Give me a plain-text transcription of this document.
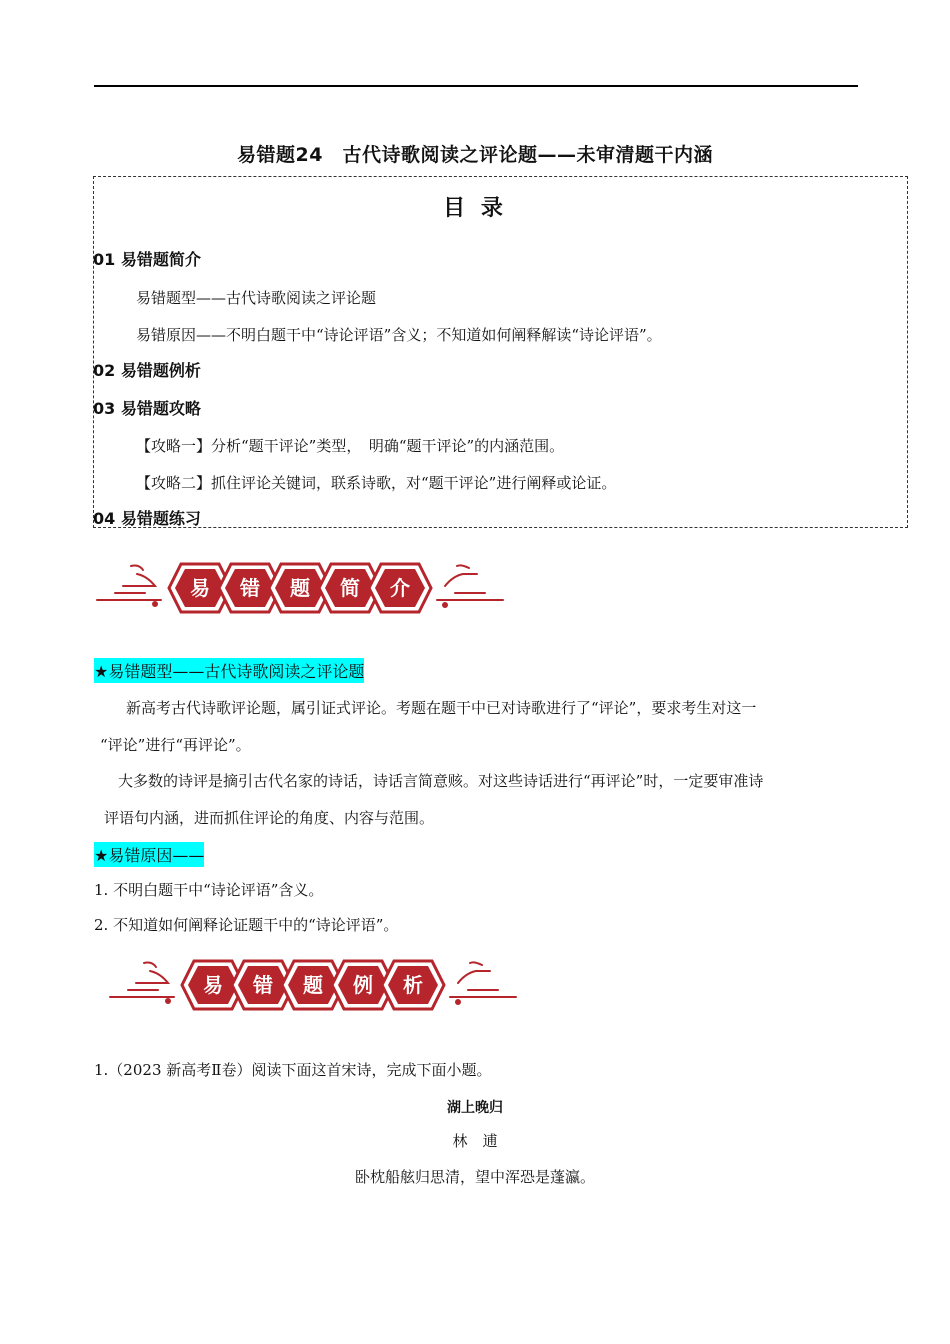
易错题24　古代诗歌阅读之评论题——未审清题干内涵
目 录
01 易错题简介
易错题型——古代诗歌阅读之评论题
易错原因——不明白题干中“诗论评语”含义；不知道如何阐释解读“诗论评语”。
02 易错题例析
03 易错题攻略
【攻略一】分析“题干评论”类型，　明确“题干评论”的内涵范围。
【攻略二】抓住评论关键词，联系诗歌，对“题干评论”进行阐释或论证。
04 易错题练习
易 错 题 简 介
★易错题型——古代诗歌阅读之评论题
新高考古代诗歌评论题，属引证式评论。考题在题干中已对诗歌进行了“评论”，要求考生对这一
“评论”进行“再评论”。
大多数的诗评是摘引古代名家的诗话，诗话言简意赅。对这些诗话进行“再评论”时，一定要审准诗
评语句内涵，进而抓住评论的角度、内容与范围。
★易错原因——
1. 不明白题干中“诗论评语”含义。
2. 不知道如何阐释论证题干中的“诗论评语”。
易 错 题 例 析
1.（2023 新高考Ⅱ卷）阅读下面这首宋诗，完成下面小题。
湖上晚归
林　逋
卧枕船舷归思清，望中浑恐是蓬瀛。
